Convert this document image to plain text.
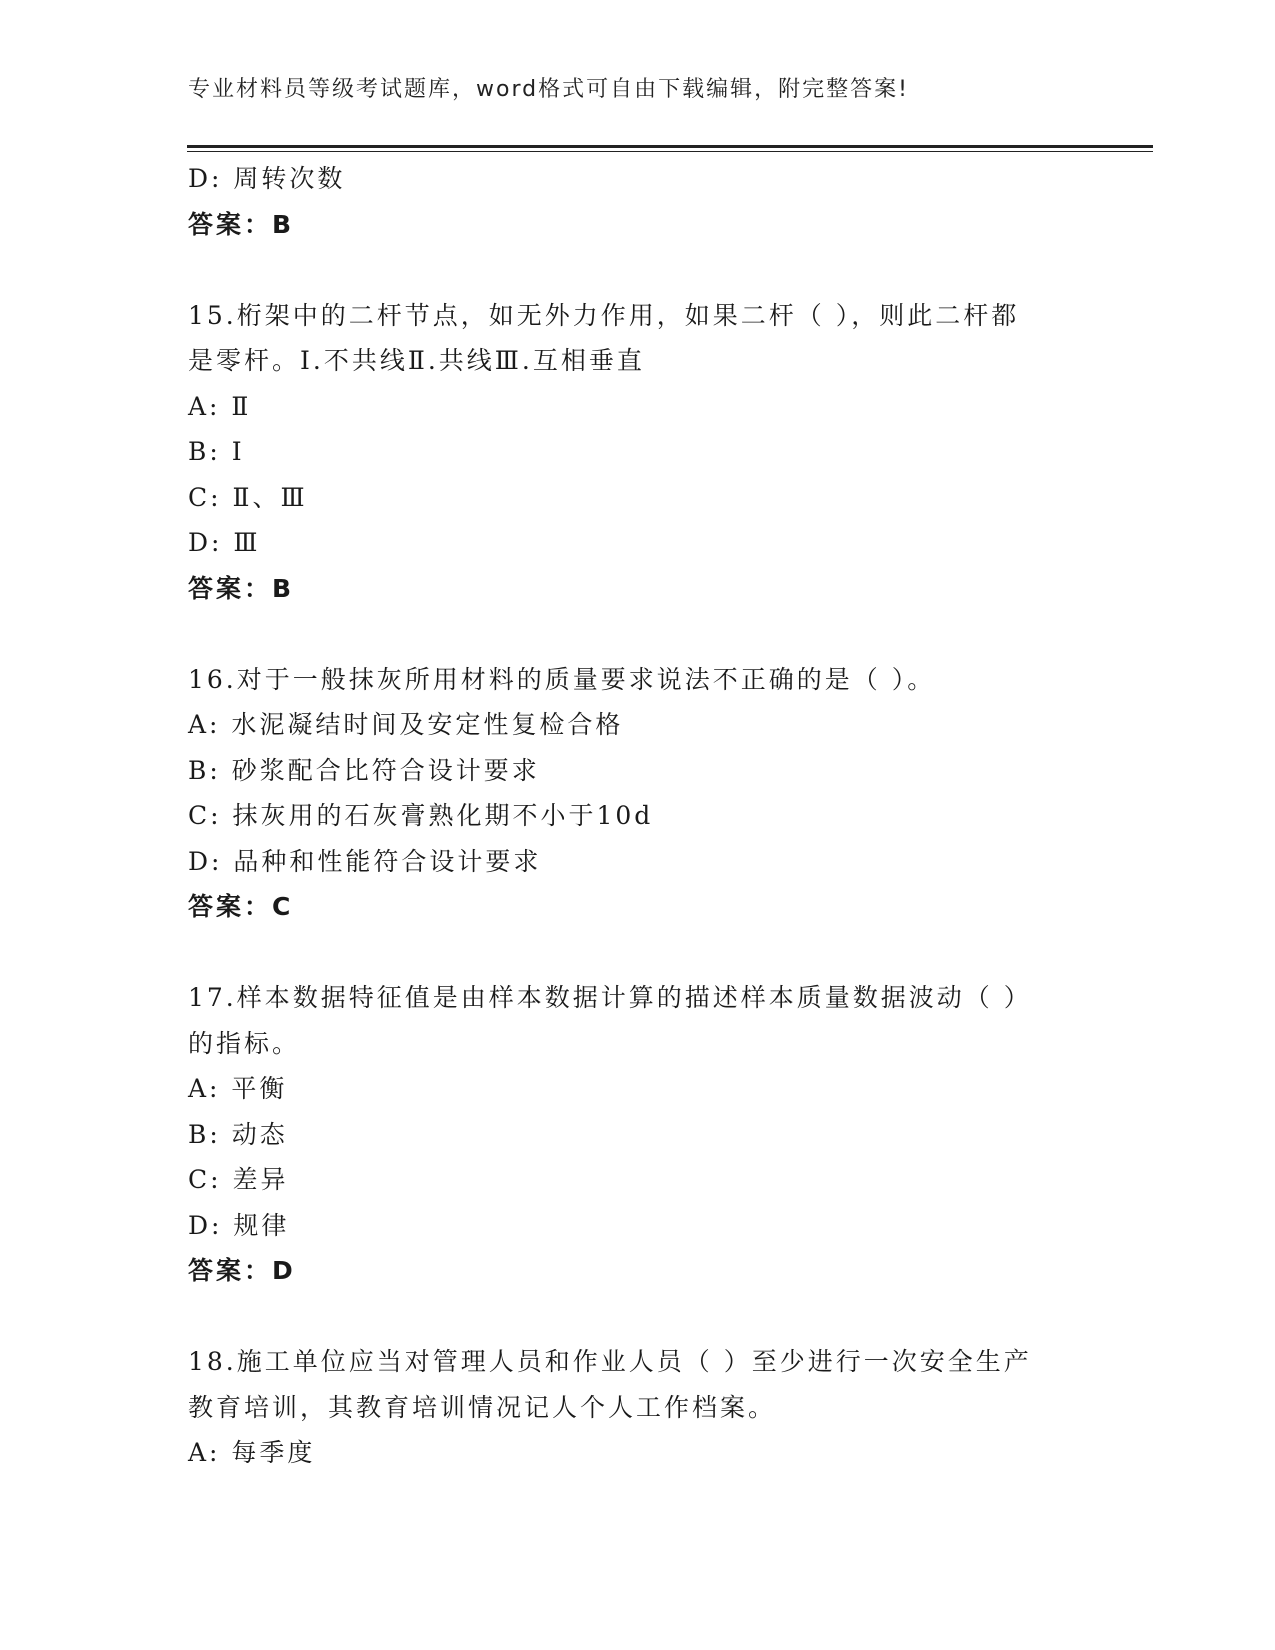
专业材料员等级考试题库，word格式可自由下载编辑，附完整答案!
D: 周转次数
答案：B
15.桁架中的二杆节点，如无外力作用，如果二杆（ ），则此二杆都
是零杆。I.不共线Ⅱ.共线Ⅲ.互相垂直
A: Ⅱ
B: Ⅰ
C: Ⅱ、Ⅲ
D: Ⅲ
答案：B
16.对于一般抹灰所用材料的质量要求说法不正确的是（ ）。
A: 水泥凝结时间及安定性复检合格
B: 砂浆配合比符合设计要求
C: 抹灰用的石灰膏熟化期不小于10d
D: 品种和性能符合设计要求
答案：C
17.样本数据特征值是由样本数据计算的描述样本质量数据波动（ ）
的指标。
A: 平衡
B: 动态
C: 差异
D: 规律
答案：D
18.施工单位应当对管理人员和作业人员（ ）至少进行一次安全生产
教育培训，其教育培训情况记人个人工作档案。
A: 每季度
